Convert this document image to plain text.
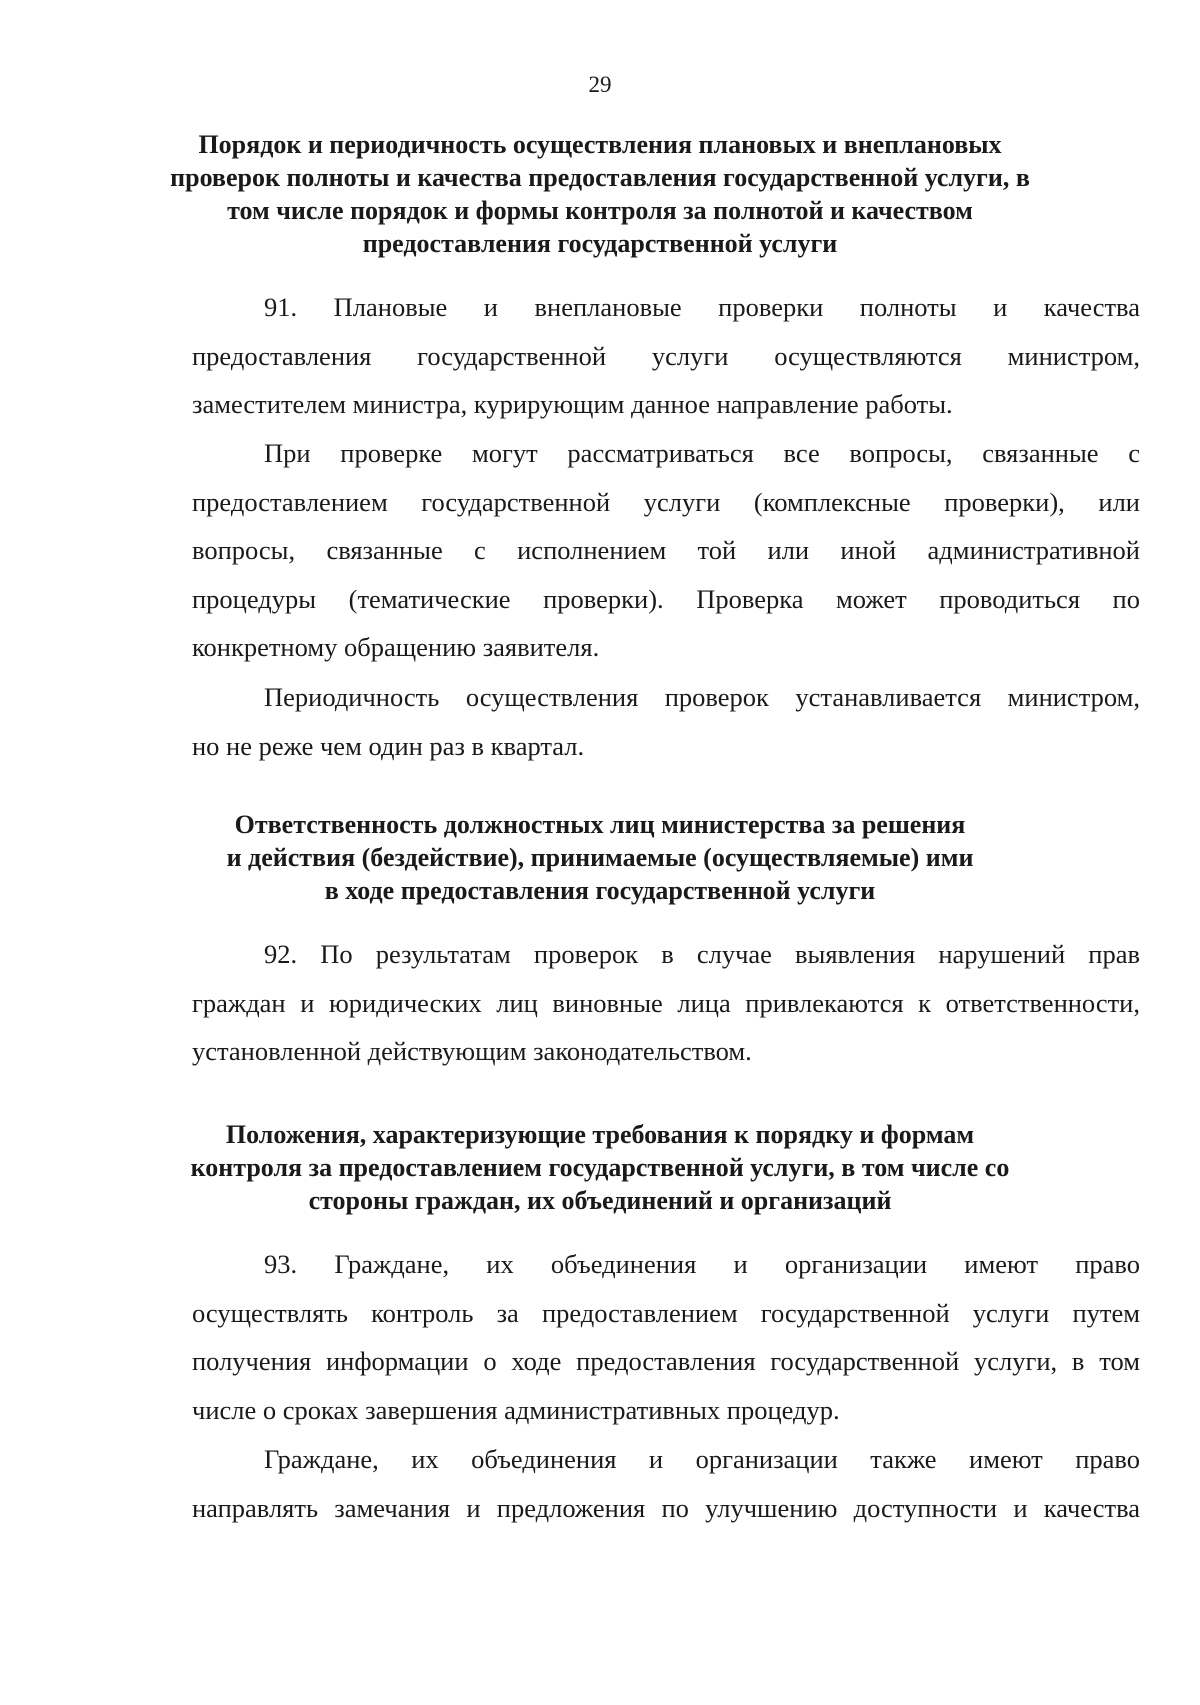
29
Порядок и периодичность осуществления плановых и внеплановых
проверок полноты и качества предоставления государственной услуги, в
том числе порядок и формы контроля за полнотой и качеством
предоставления государственной услуги
91. Плановые и внеплановые проверки полноты и качества
предоставления государственной услуги осуществляются министром,
заместителем министра, курирующим данное направление работы.
При проверке могут рассматриваться все вопросы, связанные с
предоставлением государственной услуги (комплексные проверки), или
вопросы, связанные с исполнением той или иной административной
процедуры (тематические проверки). Проверка может проводиться по
конкретному обращению заявителя.
Периодичность осуществления проверок устанавливается министром,
но не реже чем один раз в квартал.
Ответственность должностных лиц министерства за решения
и действия (бездействие), принимаемые (осуществляемые) ими
в ходе предоставления государственной услуги
92. По результатам проверок в случае выявления нарушений прав
граждан и юридических лиц виновные лица привлекаются к ответственности,
установленной действующим законодательством.
Положения, характеризующие требования к порядку и формам
контроля за предоставлением государственной услуги, в том числе со
стороны граждан, их объединений и организаций
93. Граждане, их объединения и организации имеют право
осуществлять контроль за предоставлением государственной услуги путем
получения информации о ходе предоставления государственной услуги, в том
числе о сроках завершения административных процедур.
Граждане, их объединения и организации также имеют право
направлять замечания и предложения по улучшению доступности и качества
